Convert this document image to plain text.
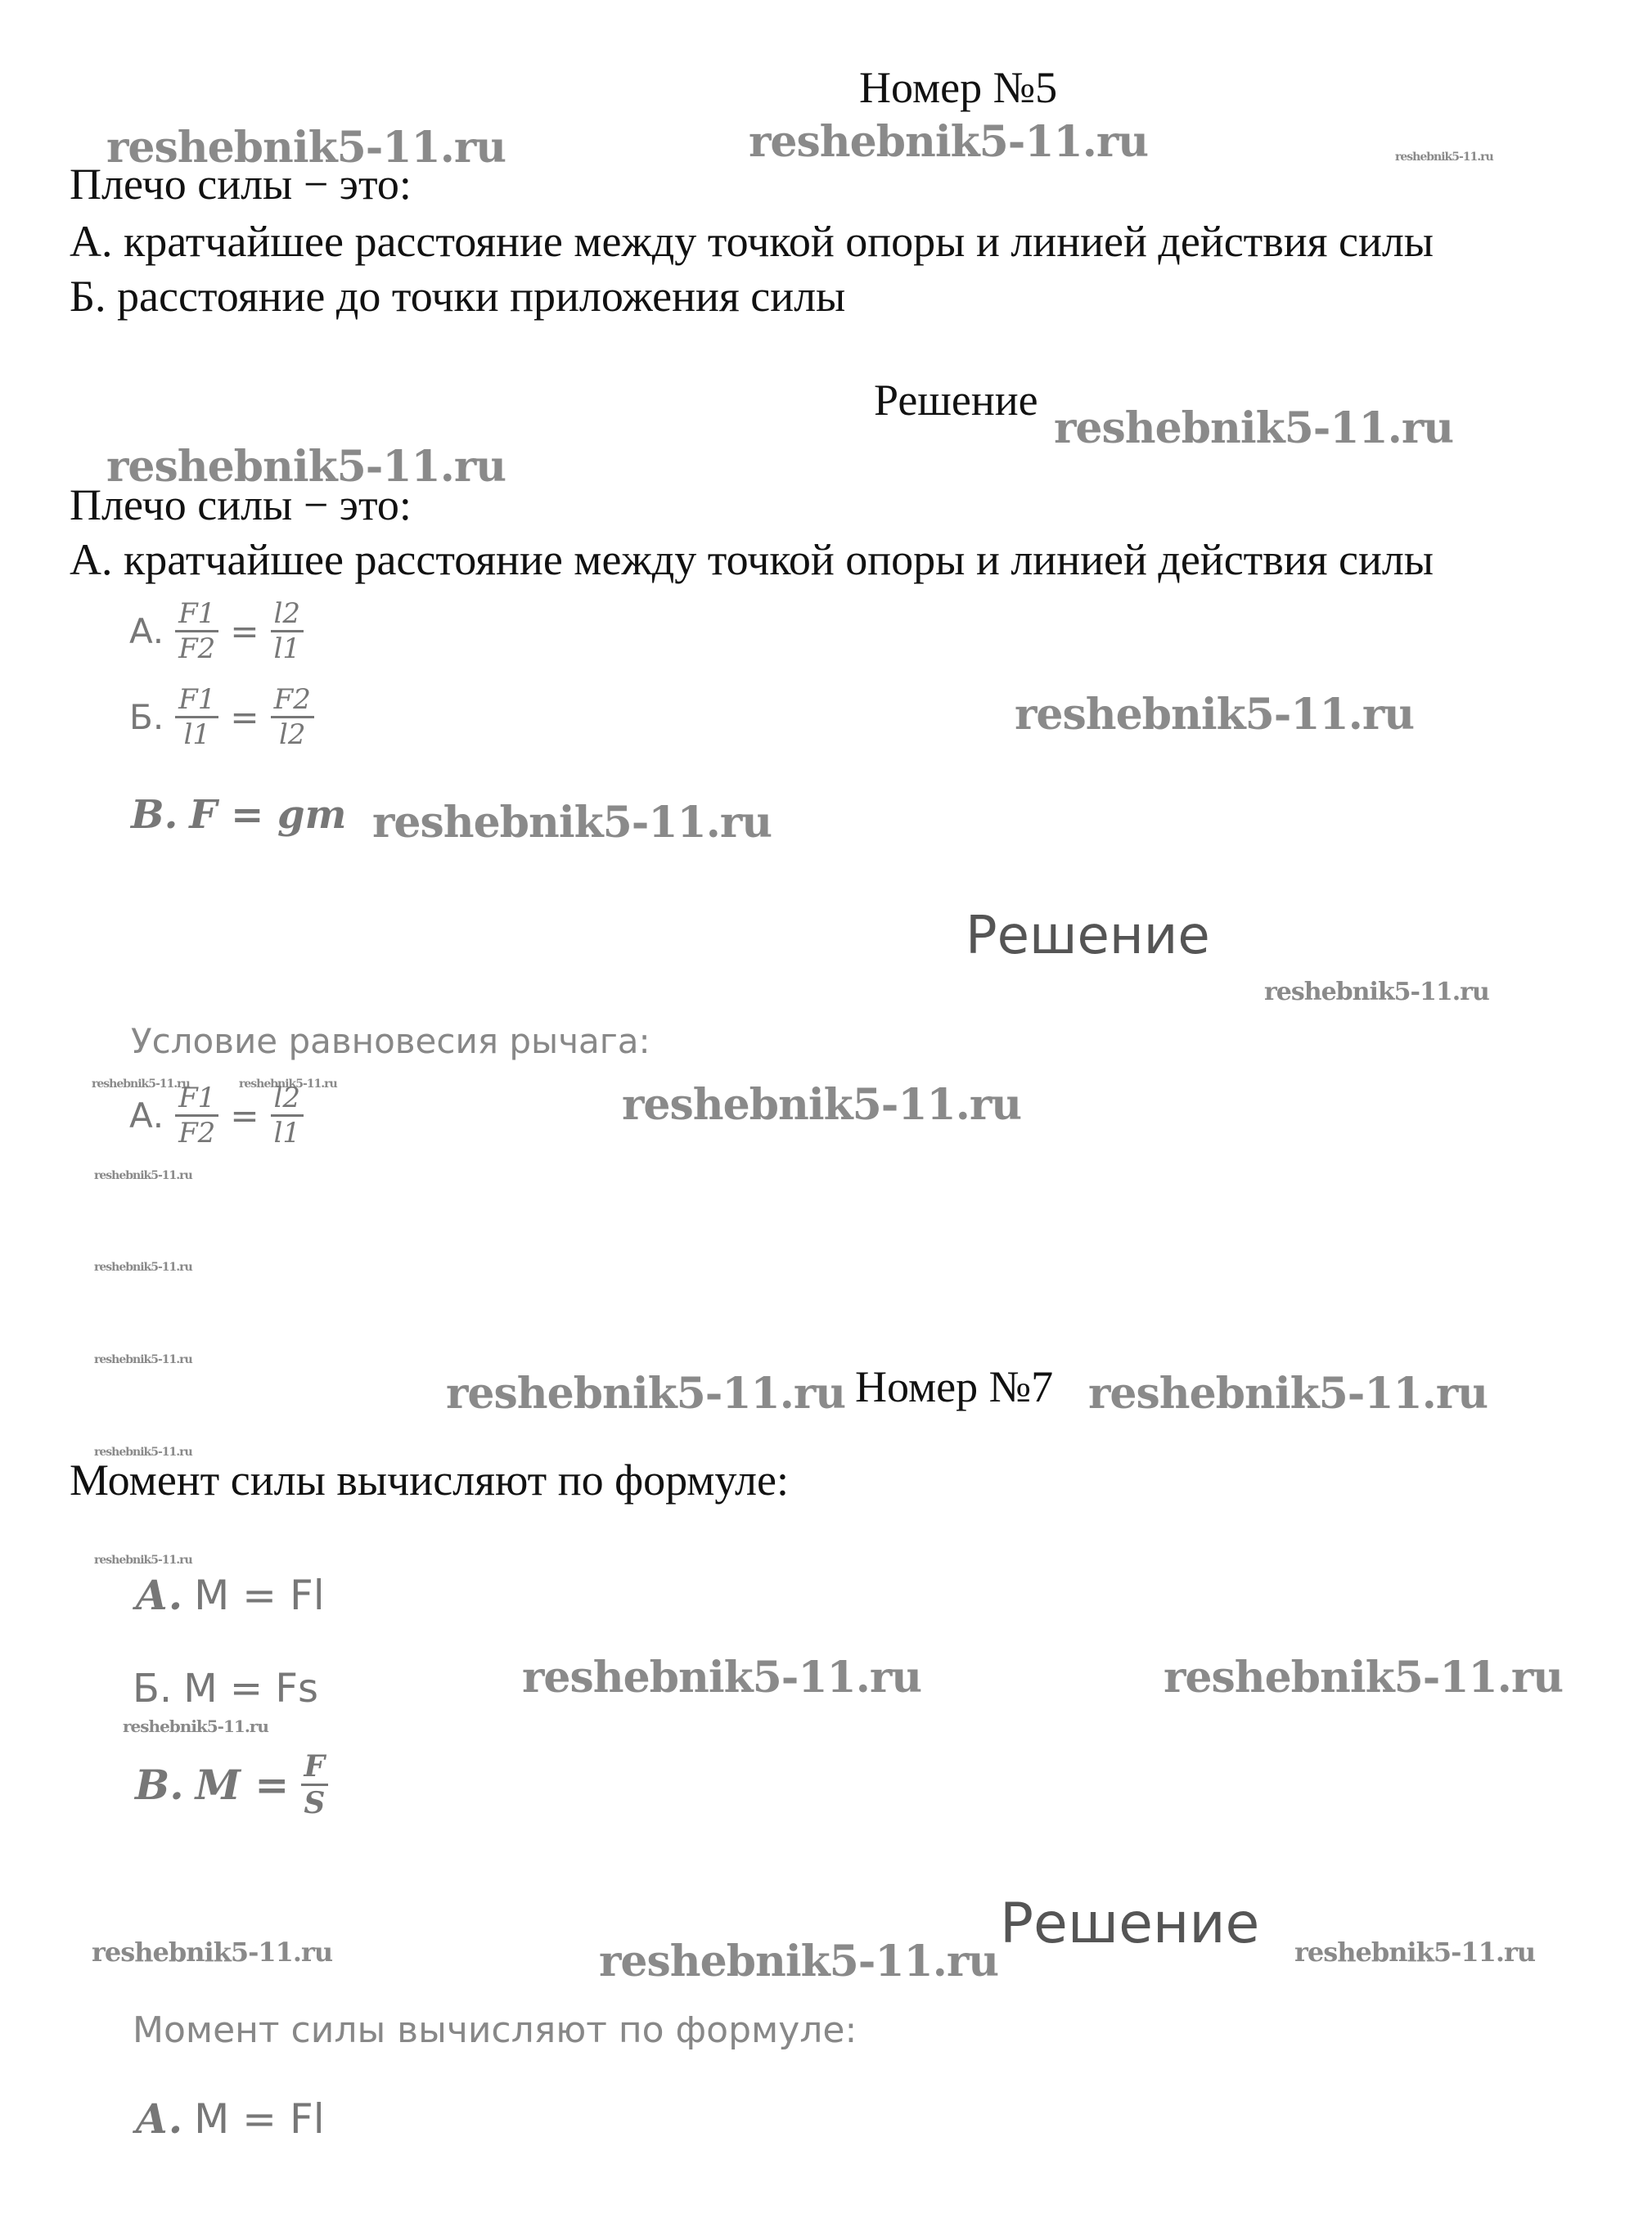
Номер №5
reshebnik5-11.ru	reshebnik5-11.ru	reshebnik5-11.ru
Плечо силы − это:
А. кратчайшее расстояние между точкой опоры и линией действия силы
Б. расстояние до точки приложения силы
Решение
reshebnik5-11.ru
reshebnik5-11.ru
Плечо силы − это:
А. кратчайшее расстояние между точкой опоры и линией действия силы
А. $\frac{F1}{F2} = \frac{l2}{l1}$
Б. $\frac{F1}{l1} = \frac{F2}{l2}$	reshebnik5-11.ru
В. F = gm reshebnik5-11.ru
Решение
reshebnik5-11.ru
Условие равновесия рычага:
reshebnik5-11.ru	reshebnik5-11.ru
А. $\frac{F1}{F2} = \frac{l2}{l1}$	reshebnik5-11.ru
reshebnik5-11.ru
reshebnik5-11.ru
reshebnik5-11.ru
reshebnik5-11.ru Номер №7 reshebnik5-11.ru
reshebnik5-11.ru
Момент силы вычисляют по формуле:
reshebnik5-11.ru
А. M = Fl
Б. M = Fs	reshebnik5-11.ru	reshebnik5-11.ru
reshebnik5-11.ru
В. $M = \frac{F}{S}$
reshebnik5-11.ru	reshebnik5-11.ru
Решение reshebnik5-11.ru
Момент силы вычисляют по формуле:
А. M = Fl
